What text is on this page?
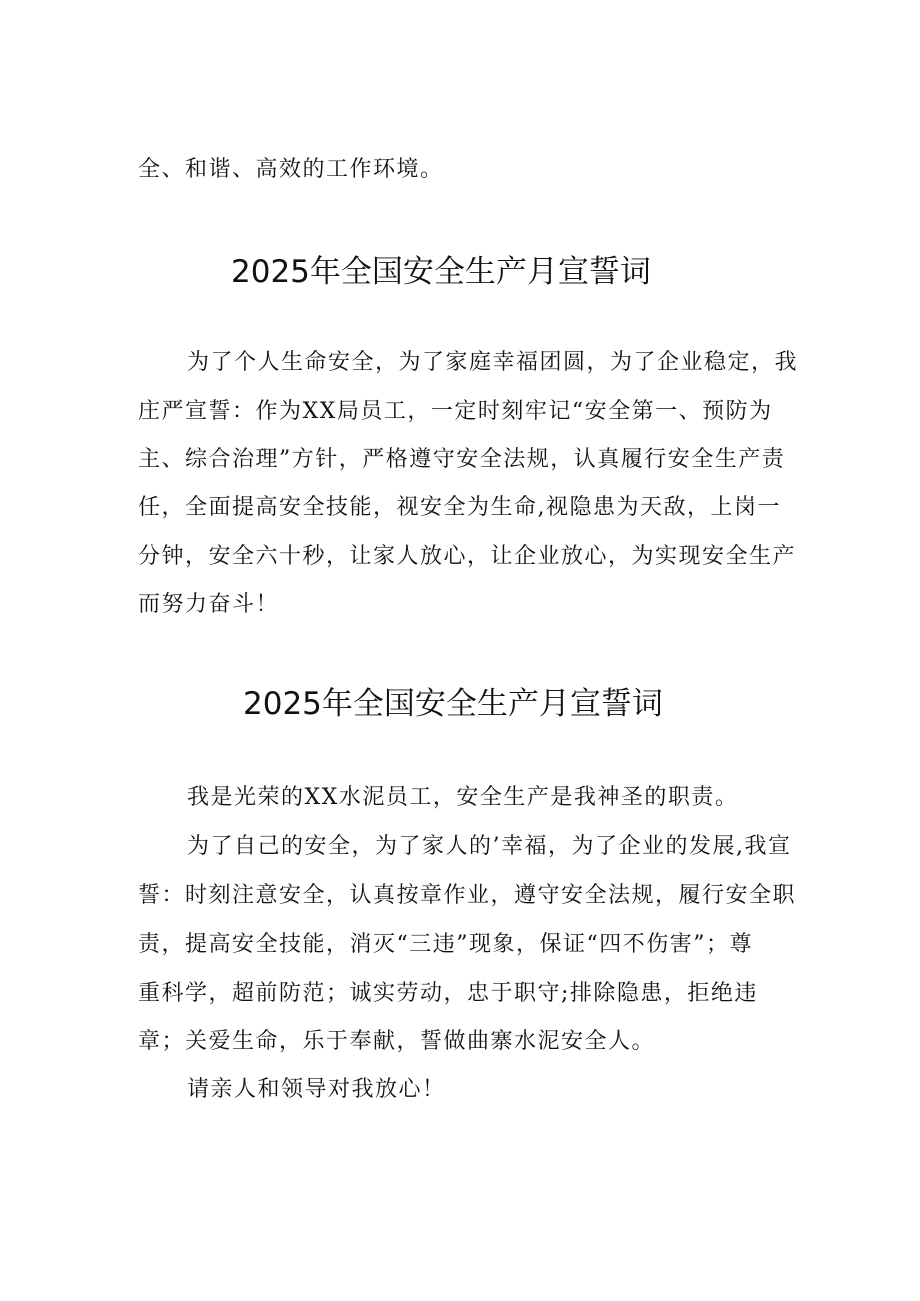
全、和谐、高效的工作环境。
2025年全国安全生产月宣誓词
为了个人生命安全，为了家庭幸福团圆，为了企业稳定，我
庄严宣誓：作为XX局员工，一定时刻牢记“安全第一、预防为
主、综合治理”方针，严格遵守安全法规，认真履行安全生产责
任，全面提高安全技能，视安全为生命,视隐患为天敌，上岗一
分钟，安全六十秒，让家人放心，让企业放心，为实现安全生产
而努力奋斗！
2025年全国安全生产月宣誓词
我是光荣的XX水泥员工，安全生产是我神圣的职责。
为了自己的安全，为了家人的’幸福，为了企业的发展,我宣
誓：时刻注意安全，认真按章作业，遵守安全法规，履行安全职
责，提高安全技能，消灭“三违”现象，保证“四不伤害”；尊
重科学，超前防范；诚实劳动，忠于职守;排除隐患，拒绝违
章；关爱生命，乐于奉献，誓做曲寨水泥安全人。
请亲人和领导对我放心！
